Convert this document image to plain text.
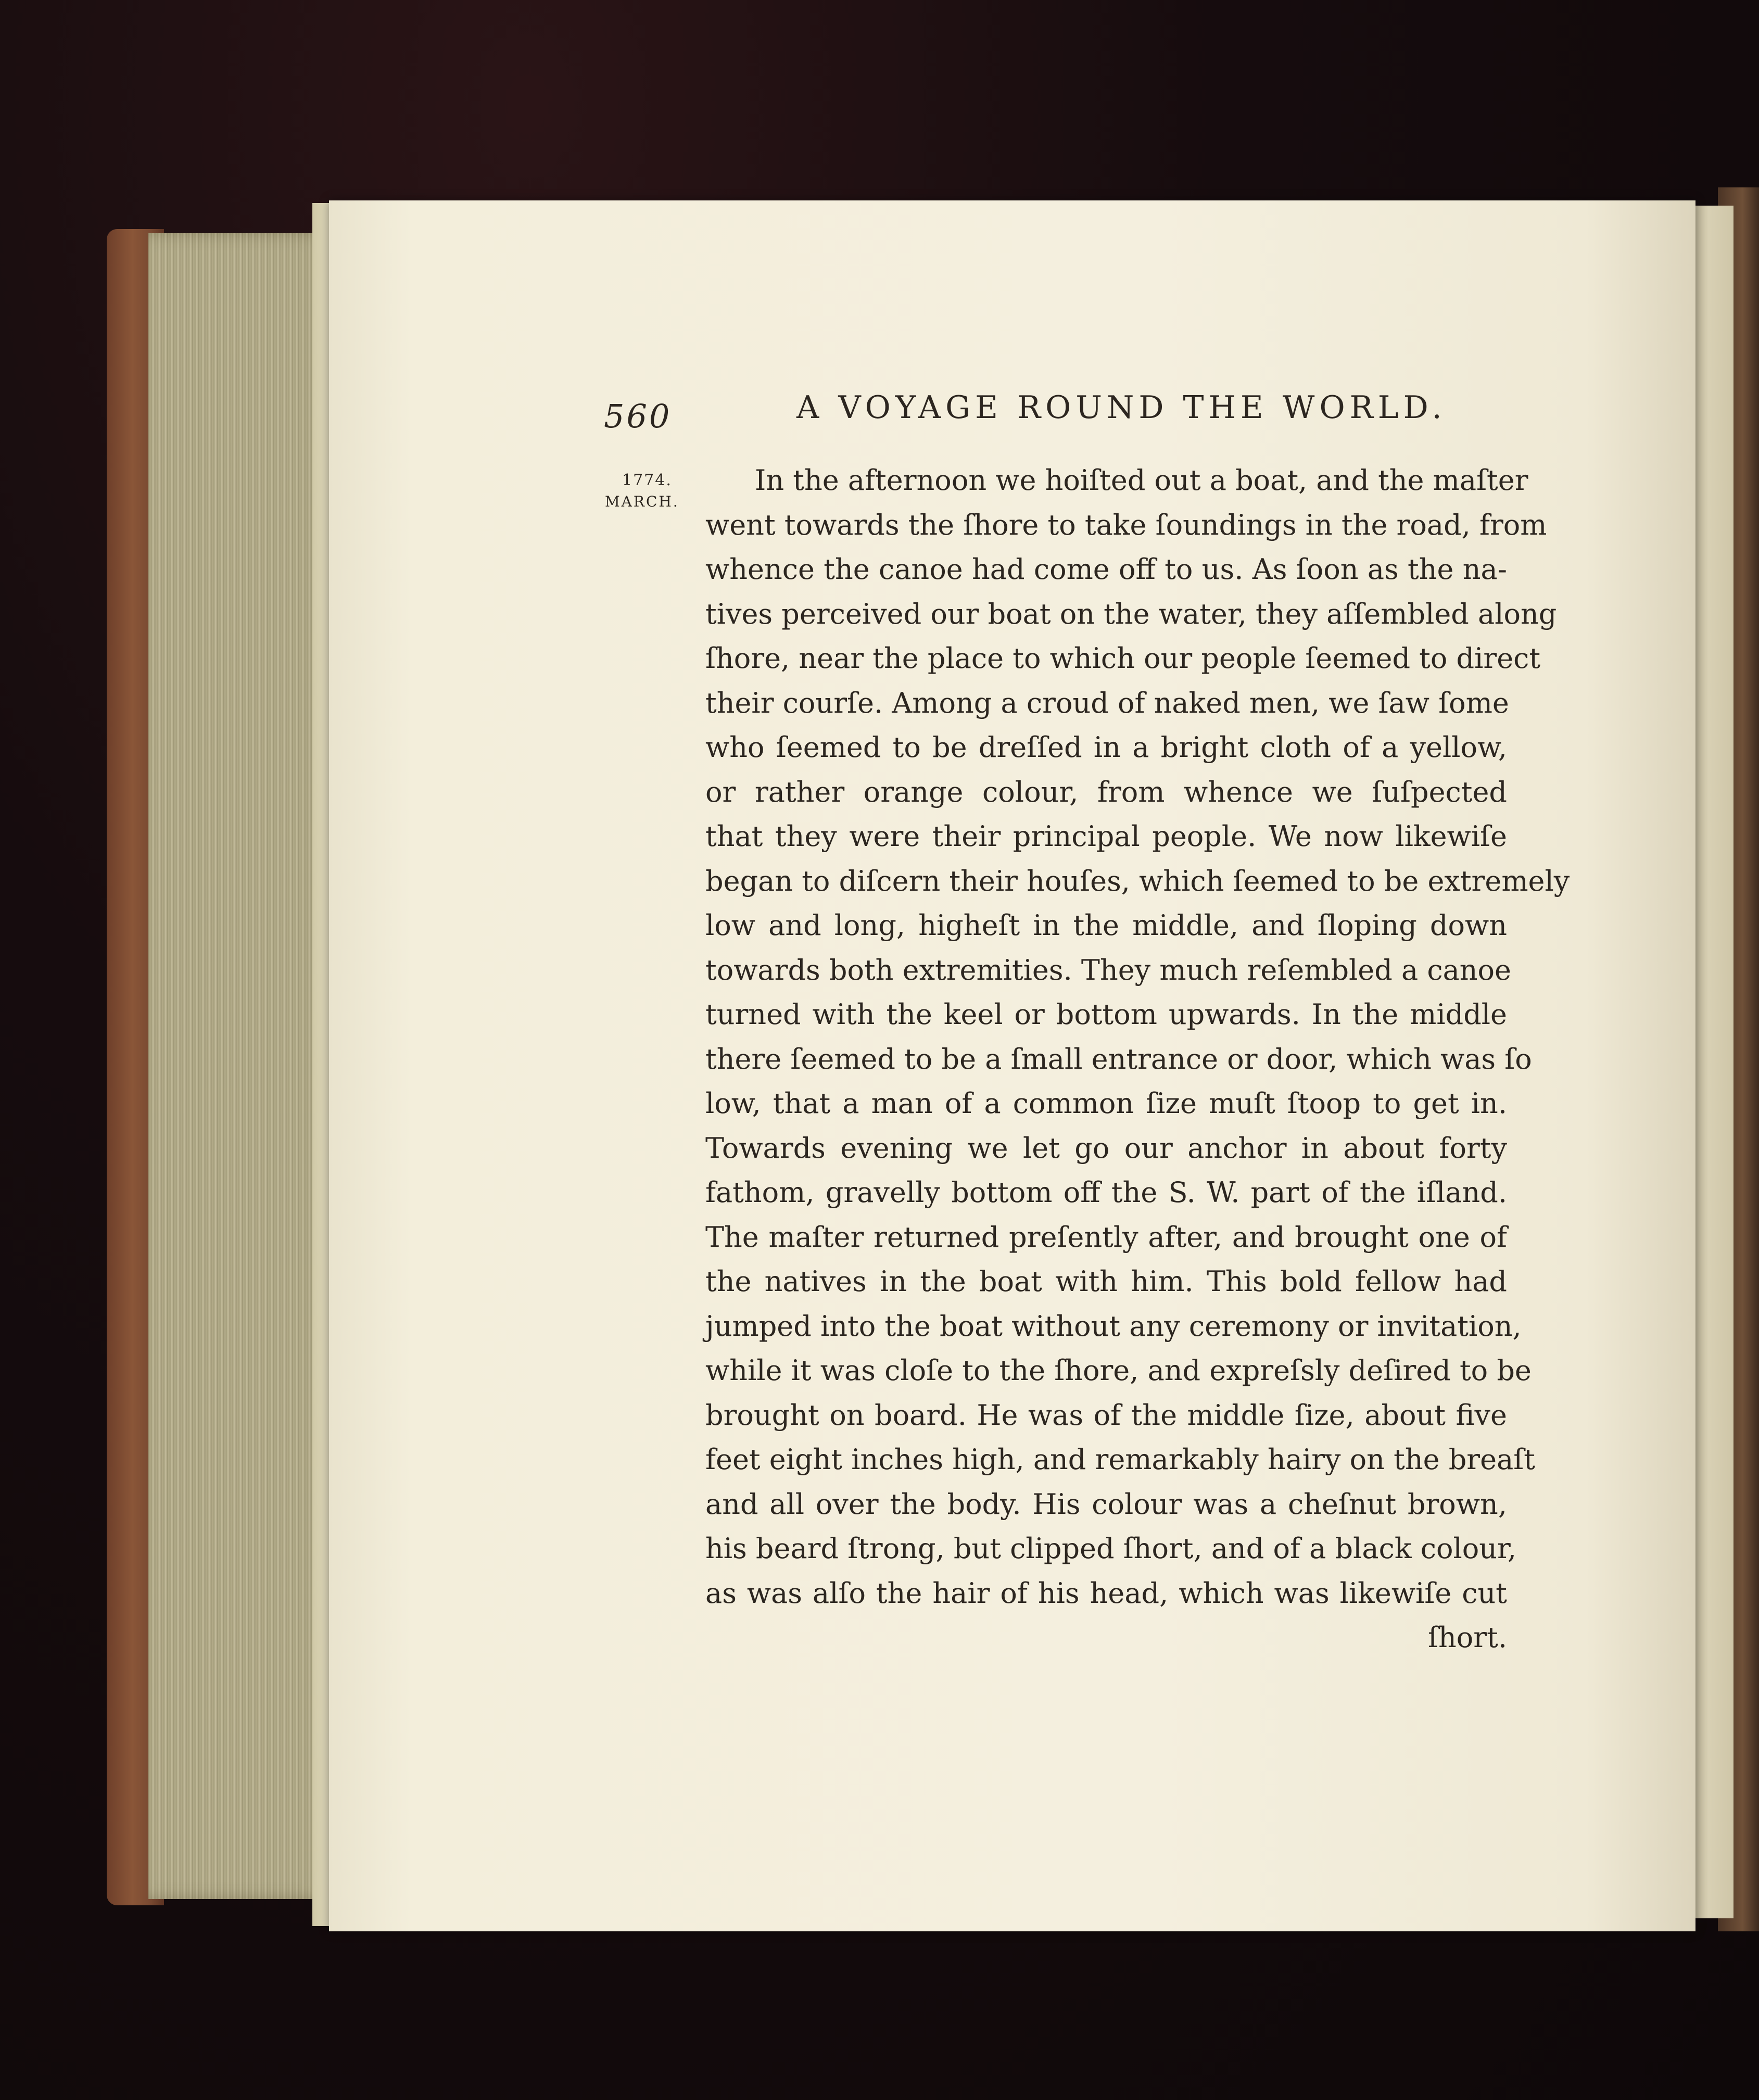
560	A VOYAGE ROUND THE WORLD.

1774.

MARCH.

In the afternoon we hoiſted out a boat, and the maſter
went towards the ſhore to take ſoundings in the road, from
whence the canoe had come off to us. As ſoon as the na-
tives perceived our boat on the water, they aſſembled along
ſhore, near the place to which our people ſeemed to direct
their courſe. Among a croud of naked men, we ſaw ſome
who ſeemed to be dreſſed in a bright cloth of a yellow,
or rather orange colour, from whence we ſuſpected
that they were their principal people. We now likewiſe
began to diſcern their houſes, which ſeemed to be extremely
low and long, higheſt in the middle, and ſloping down
towards both extremities. They much reſembled a canoe
turned with the keel or bottom upwards. In the middle
there ſeemed to be a ſmall entrance or door, which was ſo
low, that a man of a common ſize muſt ſtoop to get in.
Towards evening we let go our anchor in about forty
fathom, gravelly bottom off the S. W. part of the iſland.
The maſter returned preſently after, and brought one of
the natives in the boat with him. This bold fellow had
jumped into the boat without any ceremony or invitation,
while it was cloſe to the ſhore, and expreſsly deſired to be
brought on board. He was of the middle ſize, about five
feet eight inches high, and remarkably hairy on the breaſt
and all over the body. His colour was a cheſnut brown,
his beard ſtrong, but clipped ſhort, and of a black colour,
as was alſo the hair of his head, which was likewiſe cut
ſhort.
